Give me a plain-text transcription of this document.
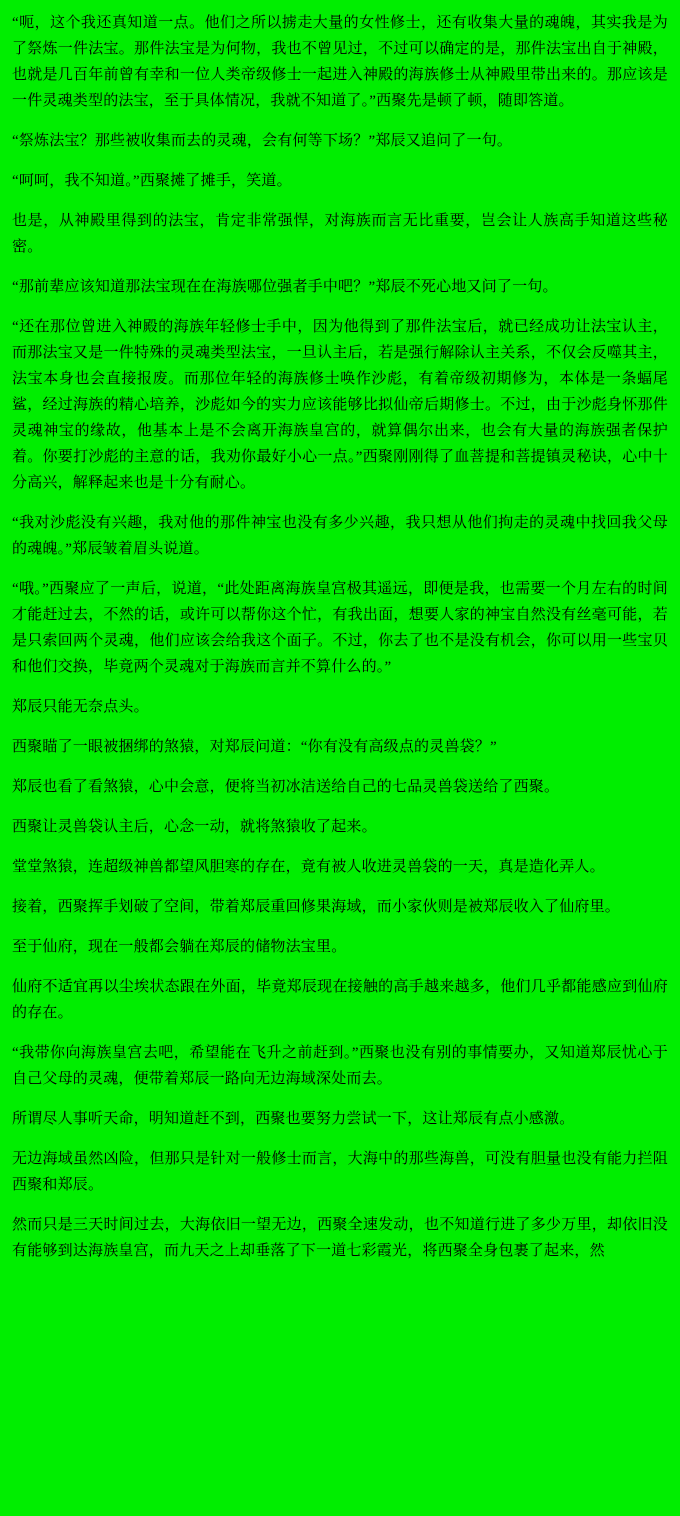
“呃，这个我还真知道一点。他们之所以掳走大量的女性修士，还有收集大量的魂魄，其实我是为了祭炼一件法宝。那件法宝是为何物，我也不曾见过，不过可以确定的是，那件法宝出自于神殿，也就是几百年前曾有幸和一位人类帝级修士一起进入神殿的海族修士从神殿里带出来的。那应该是一件灵魂类型的法宝，至于具体情况，我就不知道了。”西聚先是顿了顿，随即答道。

“祭炼法宝？那些被收集而去的灵魂，会有何等下场？”郑辰又追问了一句。

“呵呵，我不知道。”西聚摊了摊手，笑道。

也是，从神殿里得到的法宝，肯定非常强悍，对海族而言无比重要，岂会让人族高手知道这些秘密。

“那前辈应该知道那法宝现在在海族哪位强者手中吧？”郑辰不死心地又问了一句。

“还在那位曾进入神殿的海族年轻修士手中，因为他得到了那件法宝后，就已经成功让法宝认主，而那法宝又是一件特殊的灵魂类型法宝，一旦认主后，若是强行解除认主关系，不仅会反噬其主，法宝本身也会直接报废。而那位年轻的海族修士唤作沙彪，有着帝级初期修为，本体是一条蝠尾鲨，经过海族的精心培养，沙彪如今的实力应该能够比拟仙帝后期修士。不过，由于沙彪身怀那件灵魂神宝的缘故，他基本上是不会离开海族皇宫的，就算偶尔出来，也会有大量的海族强者保护着。你要打沙彪的主意的话，我劝你最好小心一点。”西聚刚刚得了血菩提和菩提镇灵秘诀，心中十分高兴，解释起来也是十分有耐心。

“我对沙彪没有兴趣，我对他的那件神宝也没有多少兴趣，我只想从他们拘走的灵魂中找回我父母的魂魄。”郑辰皱着眉头说道。

“哦。”西聚应了一声后，说道，“此处距离海族皇宫极其遥远，即便是我，也需要一个月左右的时间才能赶过去，不然的话，或许可以帮你这个忙，有我出面，想要人家的神宝自然没有丝毫可能，若是只索回两个灵魂，他们应该会给我这个面子。不过，你去了也不是没有机会，你可以用一些宝贝和他们交换，毕竟两个灵魂对于海族而言并不算什么的。”

郑辰只能无奈点头。

西聚瞄了一眼被捆绑的煞猿，对郑辰问道：“你有没有高级点的灵兽袋？”

郑辰也看了看煞猿，心中会意，便将当初冰洁送给自己的七品灵兽袋送给了西聚。

西聚让灵兽袋认主后，心念一动，就将煞猿收了起来。

堂堂煞猿，连超级神兽都望风胆寒的存在，竟有被人收进灵兽袋的一天，真是造化弄人。

接着，西聚挥手划破了空间，带着郑辰重回修果海域，而小家伙则是被郑辰收入了仙府里。

至于仙府，现在一般都会躺在郑辰的储物法宝里。

仙府不适宜再以尘埃状态跟在外面，毕竟郑辰现在接触的高手越来越多，他们几乎都能感应到仙府的存在。

“我带你向海族皇宫去吧，希望能在飞升之前赶到。”西聚也没有别的事情要办，又知道郑辰忧心于自己父母的灵魂，便带着郑辰一路向无边海域深处而去。

所谓尽人事听天命，明知道赶不到，西聚也要努力尝试一下，这让郑辰有点小感激。

无边海域虽然凶险，但那只是针对一般修士而言，大海中的那些海兽，可没有胆量也没有能力拦阻西聚和郑辰。

然而只是三天时间过去，大海依旧一望无边，西聚全速发动，也不知道行进了多少万里，却依旧没有能够到达海族皇宫，而九天之上却垂落了下一道七彩霞光，将西聚全身包裹了起来，然
